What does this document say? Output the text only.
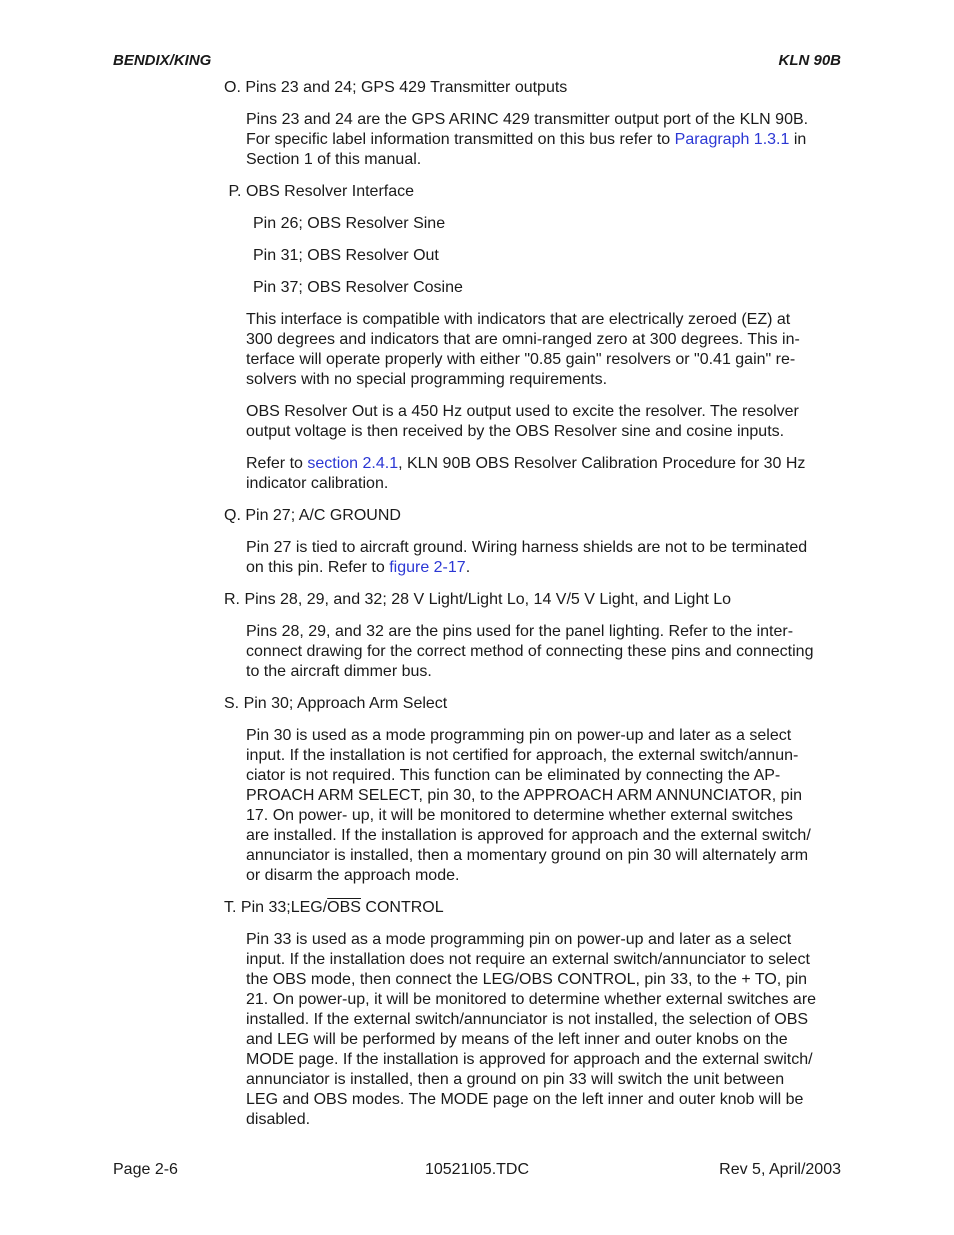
BENDIX/KING	KLN 90B
O. Pins 23 and 24; GPS 429 Transmitter outputs
Pins 23 and 24 are the GPS ARINC 429 transmitter output port of the KLN 90B.
For specific label information transmitted on this bus refer to Paragraph 1.3.1 in
Section 1 of this manual.
P. OBS Resolver Interface
Pin 26; OBS Resolver Sine
Pin 31; OBS Resolver Out
Pin 37; OBS Resolver Cosine
This interface is compatible with indicators that are electrically zeroed (EZ) at
300 degrees and indicators that are omni-ranged zero at 300 degrees. This in-
terface will operate properly with either "0.85 gain" resolvers or "0.41 gain" re-
solvers with no special programming requirements.
OBS Resolver Out is a 450 Hz output used to excite the resolver. The resolver
output voltage is then received by the OBS Resolver sine and cosine inputs.
Refer to section 2.4.1, KLN 90B OBS Resolver Calibration Procedure for 30 Hz
indicator calibration.
Q. Pin 27; A/C GROUND
Pin 27 is tied to aircraft ground. Wiring harness shields are not to be terminated
on this pin. Refer to figure 2-17.
R. Pins 28, 29, and 32; 28 V Light/Light Lo, 14 V/5 V Light, and Light Lo
Pins 28, 29, and 32 are the pins used for the panel lighting. Refer to the inter-
connect drawing for the correct method of connecting these pins and connecting
to the aircraft dimmer bus.
S. Pin 30; Approach Arm Select
Pin 30 is used as a mode programming pin on power-up and later as a select
input. If the installation is not certified for approach, the external switch/annun-
ciator is not required. This function can be eliminated by connecting the AP-
PROACH ARM SELECT, pin 30, to the APPROACH ARM ANNUNCIATOR, pin
17. On power- up, it will be monitored to determine whether external switches
are installed. If the installation is approved for approach and the external switch/
annunciator is installed, then a momentary ground on pin 30 will alternately arm
or disarm the approach mode.
T. Pin $33;LEG/\overline{OBS}$ CONTROL
Pin 33 is used as a mode programming pin on power-up and later as a select
input. If the installation does not require an external switch/annunciator to select
the OBS mode, then connect the LEG/OBS CONTROL, pin 33, to the + TO, pin
21. On power-up, it will be monitored to determine whether external switches are
installed. If the external switch/annunciator is not installed, the selection of OBS
and LEG will be performed by means of the left inner and outer knobs on the
MODE page. If the installation is approved for approach and the external switch/
annunciator is installed, then a ground on pin 33 will switch the unit between
LEG and OBS modes. The MODE page on the left inner and outer knob will be
disabled.
Page 2-6	10521I05.TDC	Rev 5, April/2003
